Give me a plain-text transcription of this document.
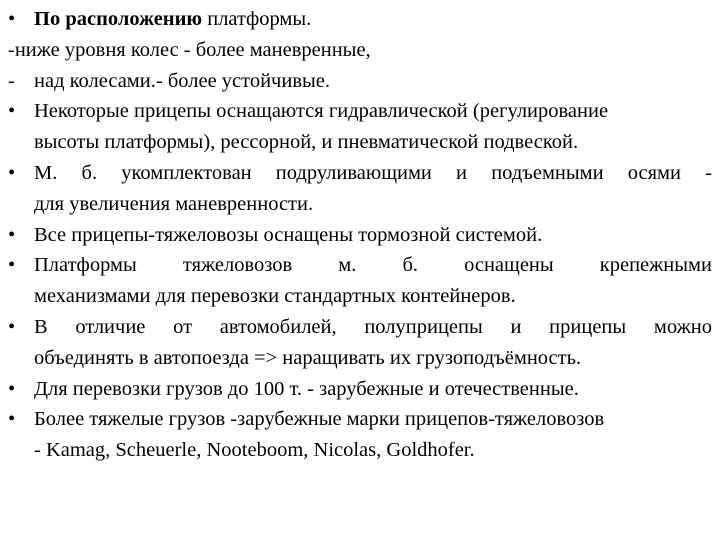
• По расположению платформы.
-ниже уровня колес - более маневренные,
- над колесами.- более устойчивые.
• Некоторые прицепы оснащаются гидравлической (регулирование
высоты платформы), рессорной, и пневматической подвеской.
• М. б. укомплектован подруливающими и подъемными осями -
для увеличения маневренности.
• Все прицепы-тяжеловозы оснащены тормозной системой.
• Платформы тяжеловозов м. б. оснащены крепежными
механизмами для перевозки стандартных контейнеров.
• В отличие от автомобилей, полуприцепы и прицепы можно
объединять в автопоезда => наращивать их грузоподъёмность.
• Для перевозки грузов до 100 т. - зарубежные и отечественные.
• Более тяжелые грузов -зарубежные марки прицепов-тяжеловозов
- Kamag, Scheuerle, Nooteboom, Nicolas, Goldhofer.
